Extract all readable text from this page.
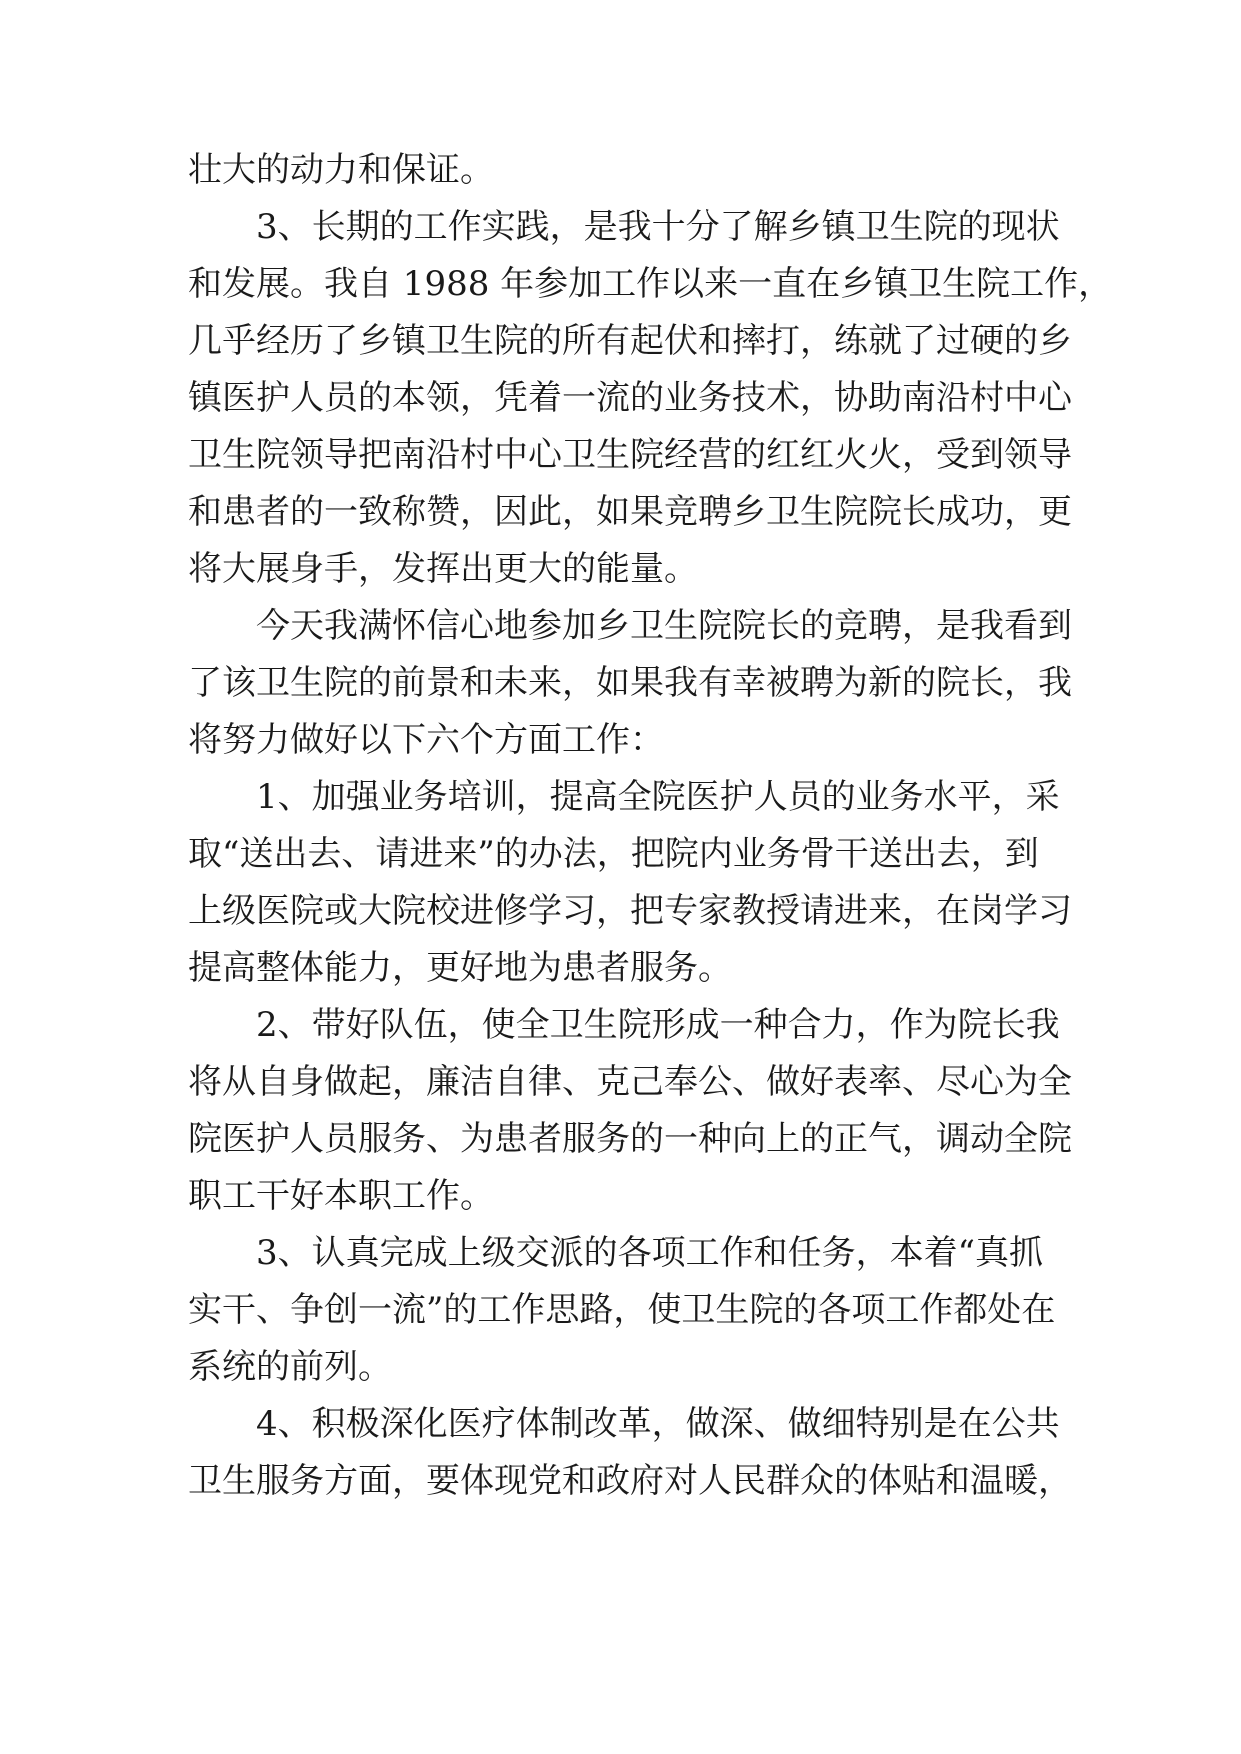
壮大的动力和保证。
3、长期的工作实践，是我十分了解乡镇卫生院的现状
和发展。我自 1988 年参加工作以来一直在乡镇卫生院工作，
几乎经历了乡镇卫生院的所有起伏和摔打，练就了过硬的乡
镇医护人员的本领，凭着一流的业务技术，协助南沿村中心
卫生院领导把南沿村中心卫生院经营的红红火火，受到领导
和患者的一致称赞，因此，如果竞聘乡卫生院院长成功，更
将大展身手，发挥出更大的能量。
今天我满怀信心地参加乡卫生院院长的竞聘，是我看到
了该卫生院的前景和未来，如果我有幸被聘为新的院长，我
将努力做好以下六个方面工作：
1、加强业务培训，提高全院医护人员的业务水平，采
取“送出去、请进来”的办法，把院内业务骨干送出去，到
上级医院或大院校进修学习，把专家教授请进来，在岗学习
提高整体能力，更好地为患者服务。
2、带好队伍，使全卫生院形成一种合力，作为院长我
将从自身做起，廉洁自律、克己奉公、做好表率、尽心为全
院医护人员服务、为患者服务的一种向上的正气，调动全院
职工干好本职工作。
3、认真完成上级交派的各项工作和任务，本着“真抓
实干、争创一流”的工作思路，使卫生院的各项工作都处在
系统的前列。
4、积极深化医疗体制改革，做深、做细特别是在公共
卫生服务方面，要体现党和政府对人民群众的体贴和温暖，
